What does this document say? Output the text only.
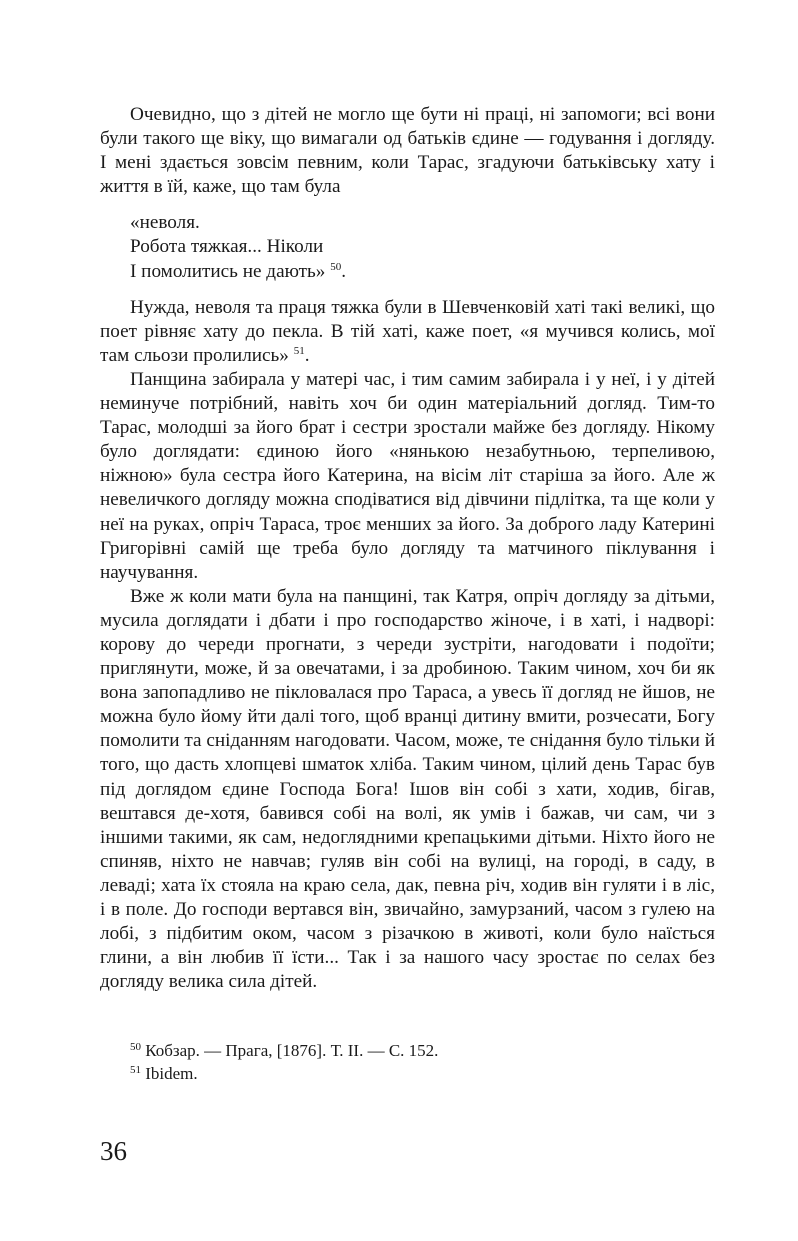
Очевидно, що з дітей не могло ще бути ні праці, ні запомоги; всі вони були такого ще віку, що вимагали од батьків єдине — годування і догляду. І мені здається зовсім певним, коли Тарас, згадуючи батьківську хату і життя в їй, каже, що там була

«неволя.
Робота тяжкая... Ніколи
І помолитись не дають» $^{50}$.

Нужда, неволя та праця тяжка були в Шевченковій хаті такі великі, що поет рівняє хату до пекла. В тій хаті, каже поет, «я мучився колись, мої там сльози пролились» $^{51}$.

Панщина забирала у матері час, і тим самим забирала і у неї, і у дітей неминуче потрібний, навіть хоч би один матеріальний догляд. Тим-то Тарас, молодші за його брат і сестри зростали майже без догляду. Нікому було доглядати: єдиною його «нянькою незабутньою, терпеливою, ніжною» була сестра його Катерина, на вісім літ старіша за його. Але ж невеличкого догляду можна сподіватися від дівчини підлітка, та ще коли у неї на руках, опріч Тараса, троє менших за його. За доброго ладу Катерині Григорівні самій ще треба було догляду та матчиного піклування і научування.

Вже ж коли мати була на панщині, так Катря, опріч догляду за дітьми, мусила доглядати і дбати і про господарство жіноче, і в хаті, і надворі: корову до череди прогнати, з череди зустріти, нагодовати і подоїти; приглянути, може, й за овечатами, і за дробиною. Таким чином, хоч би як вона запопадливо не пікловалася про Тараса, а увесь її догляд не йшов, не можна було йому йти далі того, щоб вранці дитину вмити, розчесати, Богу помолити та сніданням нагодовати. Часом, може, те снідання було тільки й того, що дасть хлопцеві шматок хліба. Таким чином, цілий день Тарас був під доглядом єдине Господа Бога! Ішов він собі з хати, ходив, бігав, вештався де-хотя, бавився собі на волі, як умів і бажав, чи сам, чи з іншими такими, як сам, недоглядними крепацькими дітьми. Ніхто його не спиняв, ніхто не навчав; гуляв він собі на вулиці, на городі, в саду, в леваді; хата їх стояла на краю села, дак, певна річ, ходив він гуляти і в ліс, і в поле. До господи вертався він, звичайно, замурзаний, часом з гулею на лобі, з підбитим оком, часом з різачкою в животі, коли було наїсться глини, а він любив її їсти... Так і за нашого часу зростає по селах без догляду велика сила дітей.

$^{50}$ Кобзар. — Прага, [1876]. Т. II. — С. 152.
$^{51}$ Ibidem.
36
